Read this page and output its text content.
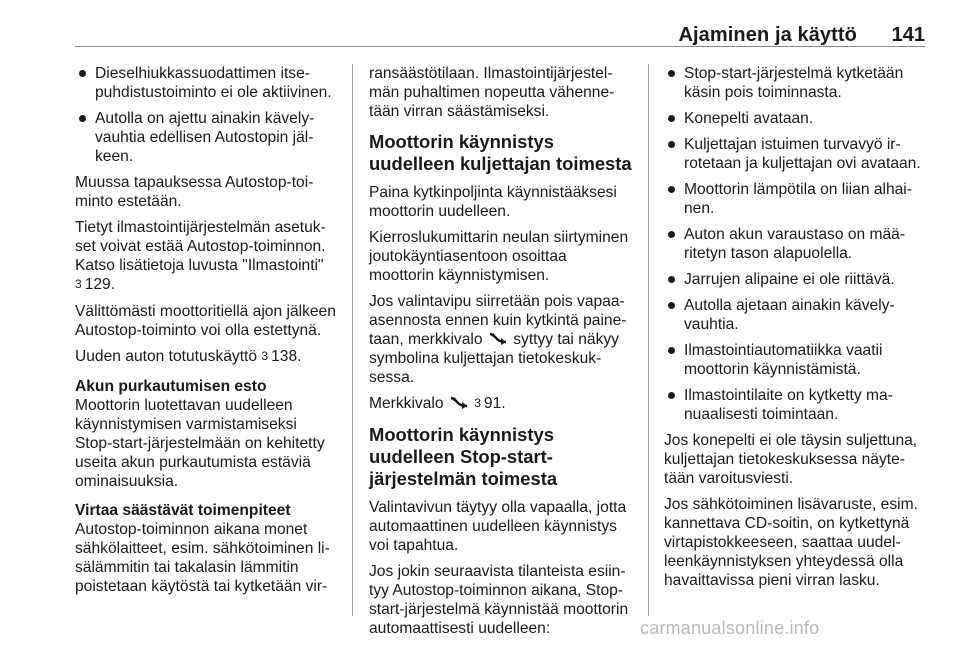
Ajaminen ja käyttö 141
Dieselhiukkassuodattimen itsepuhdistustoiminto ei ole aktiivinen.
Autolla on ajettu ainakin kävelyvauhtia edellisen Autostopin jälkeen.

Muussa tapauksessa Autostop-toiminto estetään.

Tietyt ilmastointijärjestelmän asetukset voivat estää Autostop-toiminnon. Katso lisätietoja luvusta "Ilmastointi"
3 129.

Välittömästi moottoritiellä ajon jälkeen Autostop-toiminto voi olla estettynä.

Uuden auton totutuskäyttö 3 138.

Akun purkautumisen esto

Moottorin luotettavan uudelleen käynnistymisen varmistamiseksi Stop-start-järjestelmään on kehitetty useita akun purkautumista estäviä ominaisuuksia.

Virtaa säästävät toimenpiteet

Autostop-toiminnon aikana monet sähkölaitteet, esim. sähkötoiminen lisälämmitin tai takalasin lämmitin poistetaan käytöstä tai kytketään vir-

ransäästötilaan. Ilmastointijärjestelmän puhaltimen nopeutta vähennetään virran säästämiseksi.

Moottorin käynnistys uudelleen kuljettajan toimesta

Paina kytkinpoljinta käynnistääksesi moottorin uudelleen.

Kierroslukumittarin neulan siirtyminen joutokäyntiasentoon osoittaa moottorin käynnistymisen.

Jos valintavipu siirretään pois vapaaasennosta ennen kuin kytkintä painetaan, merkkivalo syttyy tai näkyy symbolina kuljettajan tietokeskuksessa.

Merkkivalo	3 91.

Moottorin käynnistys uudelleen Stop-start-järjestelmän toimesta

Valintavivun täytyy olla vapaalla, jotta automaattinen uudelleen käynnistys voi tapahtua.

Jos jokin seuraavista tilanteista esiintyy Autostop-toiminnon aikana, Stop-start-järjestelmä käynnistää moottorin automaattisesti uudelleen:

Stop-start-järjestelmä kytketään käsin pois toiminnasta.
Konepelti avataan.
Kuljettajan istuimen turvavyö irrotetaan ja kuljettajan ovi avataan.
Moottorin lämpötila on liian alhainen.
Auton akun varaustaso on määritetyn tason alapuolella.
Jarrujen alipaine ei ole riittävä.
Autolla ajetaan ainakin kävelyvauhtia.
Ilmastointiautomatiikka vaatii moottorin käynnistämistä.
Ilmastointilaite on kytketty manuaalisesti toimintaan.

Jos konepelti ei ole täysin suljettuna, kuljettajan tietokeskuksessa näytetään varoitusviesti.

Jos sähkötoiminen lisävaruste, esim. kannettava CD-soitin, on kytkettynä virtapistokkeeseen, saattaa uudelleenkäynnistyksen yhteydessä olla havaittavissa pieni virran lasku.

carmanualsonline.info
